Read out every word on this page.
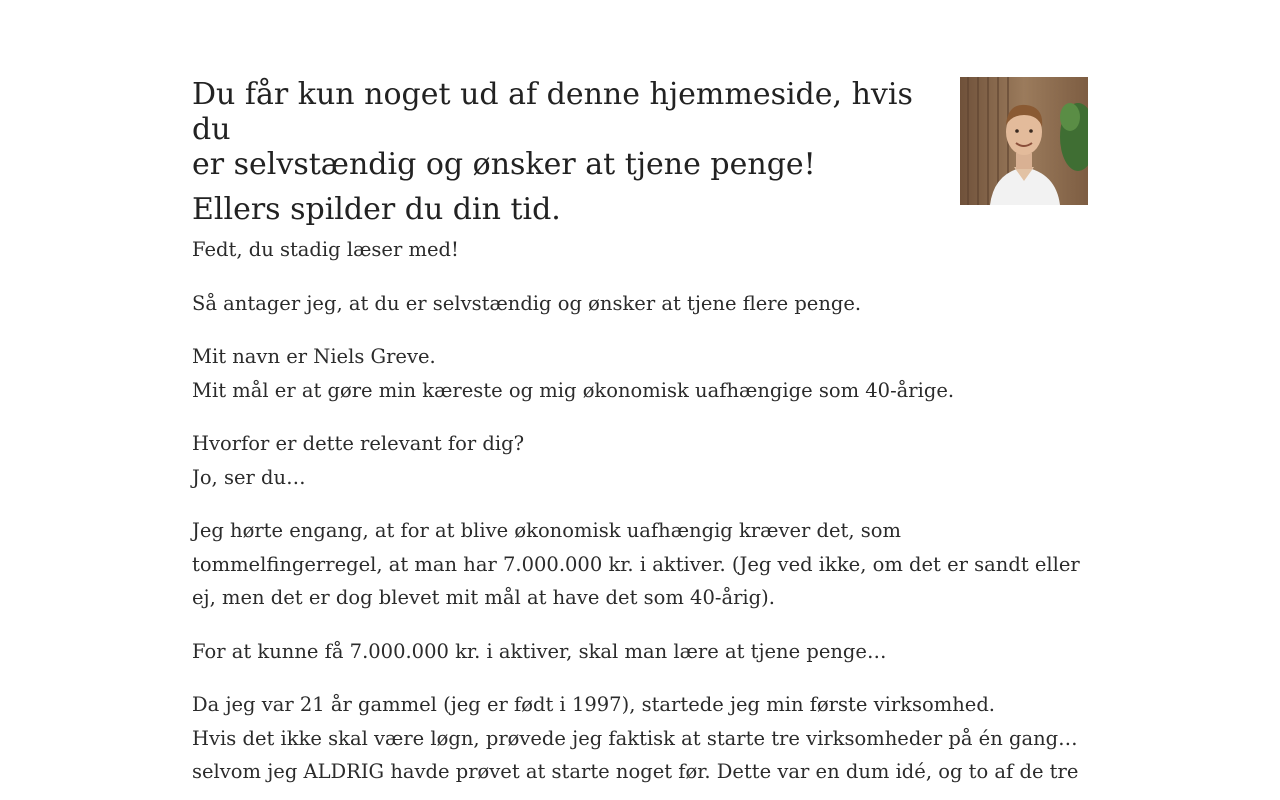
Du får kun noget ud af denne hjemmeside, hvis du
er selvstændig og ønsker at tjene penge!
Ellers spilder du din tid.

Fedt, du stadig læser med!

Så antager jeg, at du er selvstændig og ønsker at tjene flere penge.

Mit navn er Niels Greve.
Mit mål er at gøre min kæreste og mig økonomisk uafhængige som 40-årige.

Hvorfor er dette relevant for dig?
Jo, ser du…

Jeg hørte engang, at for at blive økonomisk uafhængig kræver det, som tommelfingerregel, at man har 7.000.000 kr. i aktiver. (Jeg ved ikke, om det er sandt eller ej, men det er dog blevet mit mål at have det som 40-årig).

For at kunne få 7.000.000 kr. i aktiver, skal man lære at tjene penge…

Da jeg var 21 år gammel (jeg er født i 1997), startede jeg min første virksomhed.
Hvis det ikke skal være løgn, prøvede jeg faktisk at starte tre virksomheder på én gang…
selvom jeg ALDRIG havde prøvet at starte noget før. Dette var en dum idé, og to af de tre
